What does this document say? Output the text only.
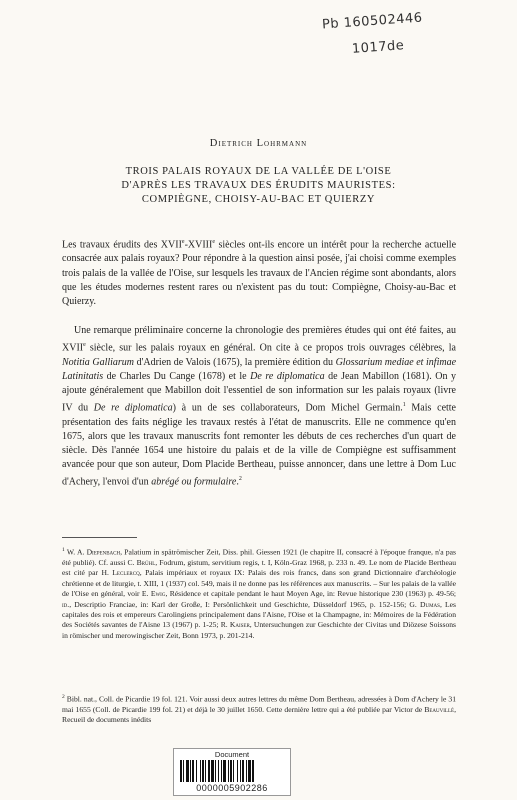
Pb 160502446
1017de
Dietrich Lohrmann
TROIS PALAIS ROYAUX DE LA VALLÉE DE L'OISE
D'APRÈS LES TRAVAUX DES ÉRUDITS MAURISTES:
COMPIÈGNE, CHOISY-AU-BAC ET QUIERZY

Les travaux érudits des XVIIe-XVIIIe siècles ont-ils encore un intérêt pour la recherche actuelle consacrée aux palais royaux? Pour répondre à la question ainsi posée, j'ai choisi comme exemples trois palais de la vallée de l'Oise, sur lesquels les travaux de l'Ancien régime sont abondants, alors que les études modernes restent rares ou n'existent pas du tout: Compiègne, Choisy-au-Bac et Quierzy.

Une remarque préliminaire concerne la chronologie des premières études qui ont été faites, au XVIIe siècle, sur les palais royaux en général. On cite à ce propos trois ouvrages célèbres, la Notitia Galliarum d'Adrien de Valois (1675), la première édition du Glossarium mediae et infimae Latinitatis de Charles Du Cange (1678) et le De re diplomatica de Jean Mabillon (1681). On y ajoute généralement que Mabillon doit l'essentiel de son information sur les palais royaux (livre IV du De re diplomatica) à un de ses collaborateurs, Dom Michel Germain.$^1$ Mais cette présentation des faits néglige les travaux restés à l'état de manuscrits. Elle ne commence qu'en 1675, alors que les travaux manuscrits font remonter les débuts de ces recherches d'un quart de siècle. Dès l'année 1654 une histoire du palais et de la ville de Compiègne est suffisamment avancée pour que son auteur, Dom Placide Bertheau, puisse annoncer, dans une lettre à Dom Luc d'Achery, l'envoi d'un abrégé ou formulaire.$^2$

$^1$ W. A. Diepenbach, Palatium in spätrömischer Zeit, Diss. phil. Giessen 1921 (le chapitre II, consacré à l'époque franque, n'a pas été publié). Cf. aussi C. Brühl, Fodrum, gistum, servitium regis, t. I, Köln-Graz 1968, p. 233 n. 49. Le nom de Placide Bertheau est cité par H. Leclercq, Palais impériaux et royaux IX: Palais des rois francs, dans son grand Dictionnaire d'archéologie chrétienne et de liturgie, t. XIII, 1 (1937) col. 549, mais il ne donne pas les références aux manuscrits. – Sur les palais de la vallée de l'Oise en général, voir E. Ewig, Résidence et capitale pendant le haut Moyen Age, in: Revue historique 230 (1963) p. 49-56; id., Descriptio Franciae, in: Karl der Große, I: Persönlichkeit und Geschichte, Düsseldorf 1965, p. 152-156; G. Dumas, Les capitales des rois et empereurs Carolingiens principalement dans l'Aisne, l'Oise et la Champagne, in: Mémoires de la Fédération des Sociétés savantes de l'Aisne 13 (1967) p. 1-25; R. Kaiser, Untersuchungen zur Geschichte der Civitas und Diözese Soissons in römischer und merowingischer Zeit, Bonn 1973, p. 201-214.
$^2$ Bibl. nat., Coll. de Picardie 19 fol. 121. Voir aussi deux autres lettres du même Dom Bertheau, adressées à Dom d'Achery le 31 mai 1655 (Coll. de Picardie 199 fol. 21) et déjà le 30 juillet 1650. Cette dernière lettre qui a été publiée par Victor de Beauvillé, Recueil de documents inédits
Document
0000005902286
